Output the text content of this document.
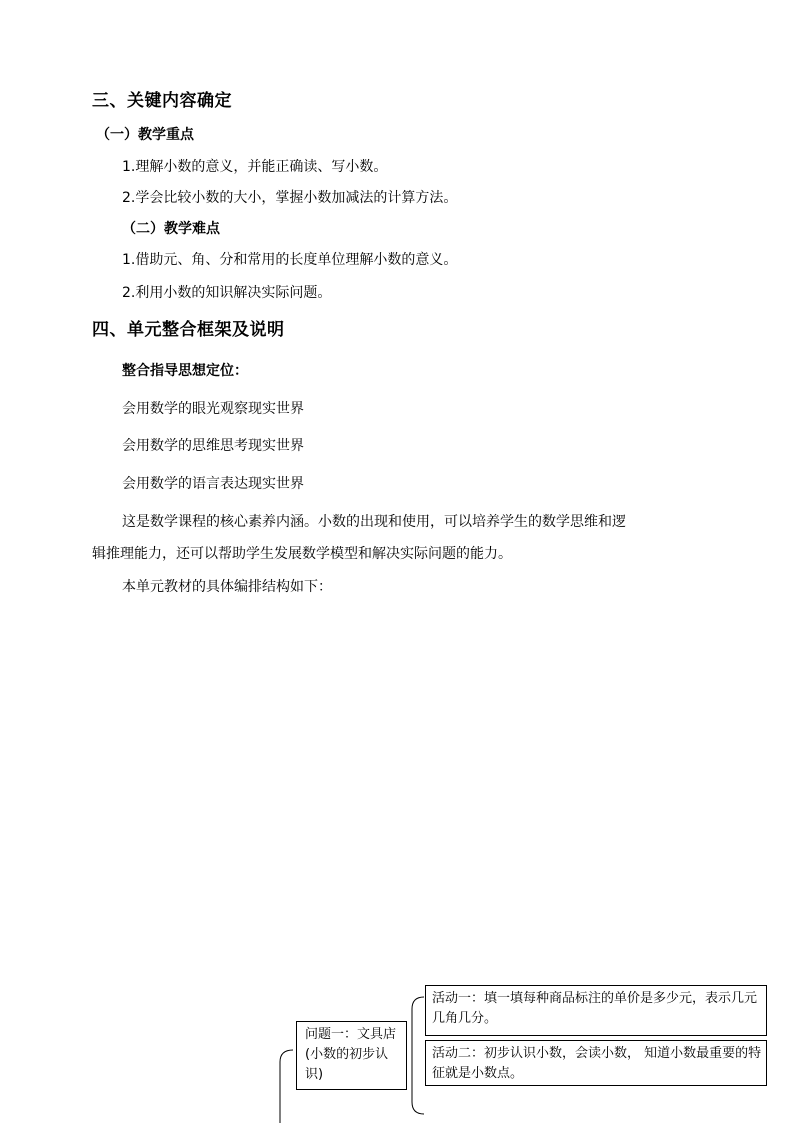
三、关键内容确定
（一）教学重点
1.理解小数的意义，并能正确读、写小数。
2.学会比较小数的大小，掌握小数加减法的计算方法。
（二）教学难点
1.借助元、角、分和常用的长度单位理解小数的意义。
2.利用小数的知识解决实际问题。
四、单元整合框架及说明
整合指导思想定位：
会用数学的眼光观察现实世界
会用数学的思维思考现实世界
会用数学的语言表达现实世界
这是数学课程的核心素养内涵。小数的出现和使用，可以培养学生的数学思维和逻
辑推理能力，还可以帮助学生发展数学模型和解决实际问题的能力。
本单元教材的具体编排结构如下：
问题一：文具店(小数的初步认识)
活动一：填一填每种商品标注的单价是多少元，表示几元几角几分。
活动二：初步认识小数，会读小数， 知道小数最重要的特征就是小数点。
